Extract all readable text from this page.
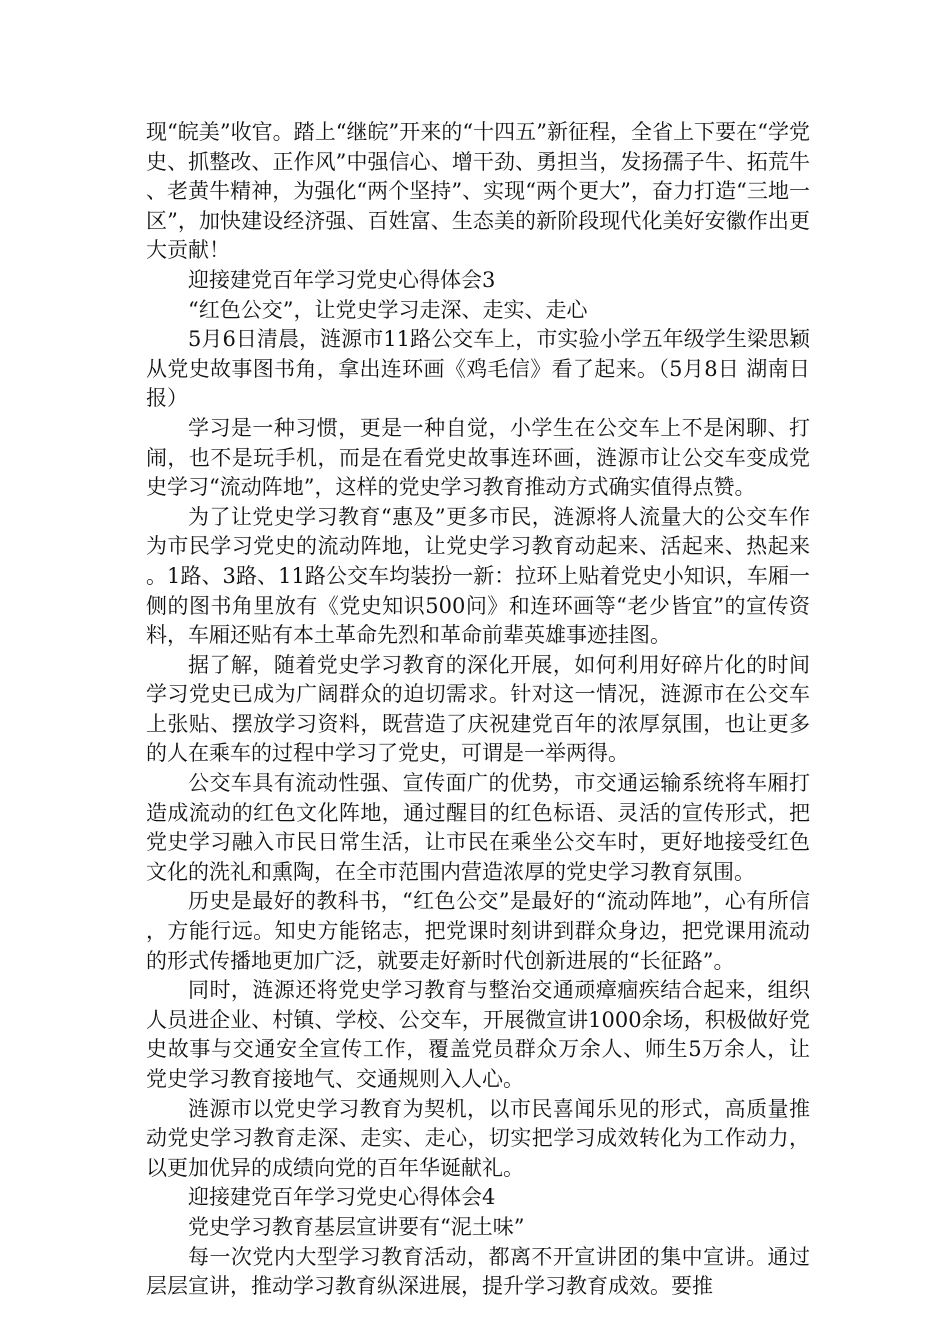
现“皖美”收官。踏上“继皖”开来的“十四五”新征程，全省上下要在“学党史、抓整改、正作风”中强信心、增干劲、勇担当，发扬孺子牛、拓荒牛、老黄牛精神，为强化“两个坚持”、实现“两个更大”，奋力打造“三地一区”，加快建设经济强、百姓富、生态美的新阶段现代化美好安徽作出更大贡献！

迎接建党百年学习党史心得体会3

“红色公交”，让党史学习走深、走实、走心

5月6日清晨，涟源市11路公交车上，市实验小学五年级学生梁思颖从党史故事图书角，拿出连环画《鸡毛信》看了起来。（5月8日 湖南日报）

学习是一种习惯，更是一种自觉，小学生在公交车上不是闲聊、打闹，也不是玩手机，而是在看党史故事连环画，涟源市让公交车变成党史学习“流动阵地”，这样的党史学习教育推动方式确实值得点赞。

为了让党史学习教育“惠及”更多市民，涟源将人流量大的公交车作为市民学习党史的流动阵地，让党史学习教育动起来、活起来、热起来。1路、3路、11路公交车均装扮一新：拉环上贴着党史小知识，车厢一侧的图书角里放有《党史知识500问》和连环画等“老少皆宜”的宣传资料，车厢还贴有本土革命先烈和革命前辈英雄事迹挂图。

据了解，随着党史学习教育的深化开展，如何利用好碎片化的时间学习党史已成为广阔群众的迫切需求。针对这一情况，涟源市在公交车上张贴、摆放学习资料，既营造了庆祝建党百年的浓厚氛围，也让更多的人在乘车的过程中学习了党史，可谓是一举两得。

公交车具有流动性强、宣传面广的优势，市交通运输系统将车厢打造成流动的红色文化阵地，通过醒目的红色标语、灵活的宣传形式，把党史学习融入市民日常生活，让市民在乘坐公交车时，更好地接受红色文化的洗礼和熏陶，在全市范围内营造浓厚的党史学习教育氛围。

历史是最好的教科书，“红色公交”是最好的“流动阵地”，心有所信，方能行远。知史方能铭志，把党课时刻讲到群众身边，把党课用流动的形式传播地更加广泛，就要走好新时代创新进展的“长征路”。

同时，涟源还将党史学习教育与整治交通顽瘴痼疾结合起来，组织人员进企业、村镇、学校、公交车，开展微宣讲1000余场，积极做好党史故事与交通安全宣传工作，覆盖党员群众万余人、师生5万余人，让党史学习教育接地气、交通规则入人心。

涟源市以党史学习教育为契机，以市民喜闻乐见的形式，高质量推动党史学习教育走深、走实、走心，切实把学习成效转化为工作动力，以更加优异的成绩向党的百年华诞献礼。

迎接建党百年学习党史心得体会4

党史学习教育基层宣讲要有“泥土味”

每一次党内大型学习教育活动，都离不开宣讲团的集中宣讲。通过层层宣讲，推动学习教育纵深进展，提升学习教育成效。要推
